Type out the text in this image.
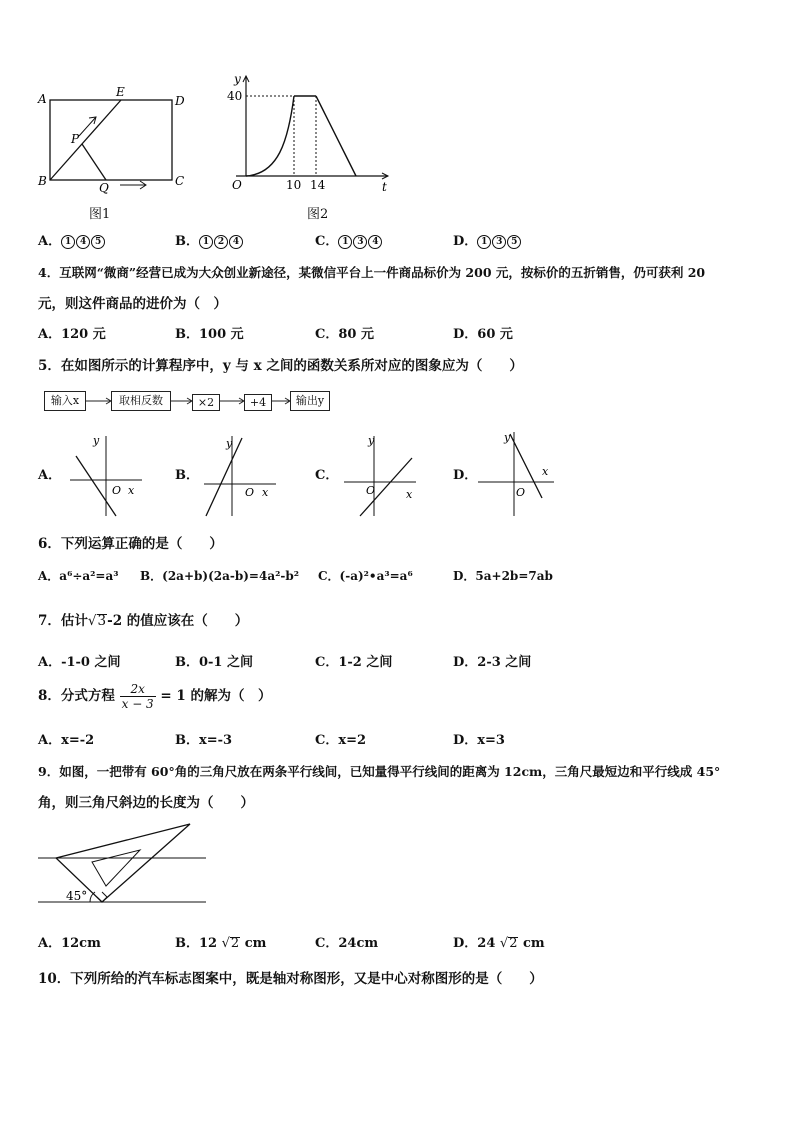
A	E
D
P
B	Q	C
图1
y
40
O	10 14	t
图2
A． 1 4 5	B． 1 2 4	C． 1 3 4	D． 1 3 5
4．互联网“微商”经营已成为大众创业新途径，某微信平台上一件商品标价为 200 元，按标价的五折销售，仍可获利 20
元，则这件商品的进价为（　）
A．120 元	B．100 元	C．80 元	D．60 元
5．在如图所示的计算程序中，y 与 x 之间的函数关系所对应的图象应为（　　）
输入x	取相反数	×2	+4	输出y
A．	B．	C．	D．
y
O x
y
O x
y
O	x
y
O
x
6．下列运算正确的是（　　）
A．a⁶÷a²=a³ B．(2a+b)(2a-b)=4a²-b² C．(-a)²•a³=a⁶	D．5a+2b=7ab
7．估计√3-2 的值应该在（　　）
A．-1-0 之间	B．0-1 之间	C．1-2 之间	D．2-3 之间
8．分式方程 $\frac{2x}{x - 3} = 1$ 的解为（　）
A．x=-2	B．x=-3	C．x=2	D．x=3
9．如图，一把带有 60°角的三角尺放在两条平行线间，已知量得平行线间的距离为 12cm，三角尺最短边和平行线成 45°
角，则三角尺斜边的长度为（　　）
45°
A．12cm	B．12 √2 cm	C．24cm	D．24 √2 cm
10．下列所给的汽车标志图案中，既是轴对称图形，又是中心对称图形的是（　　）
